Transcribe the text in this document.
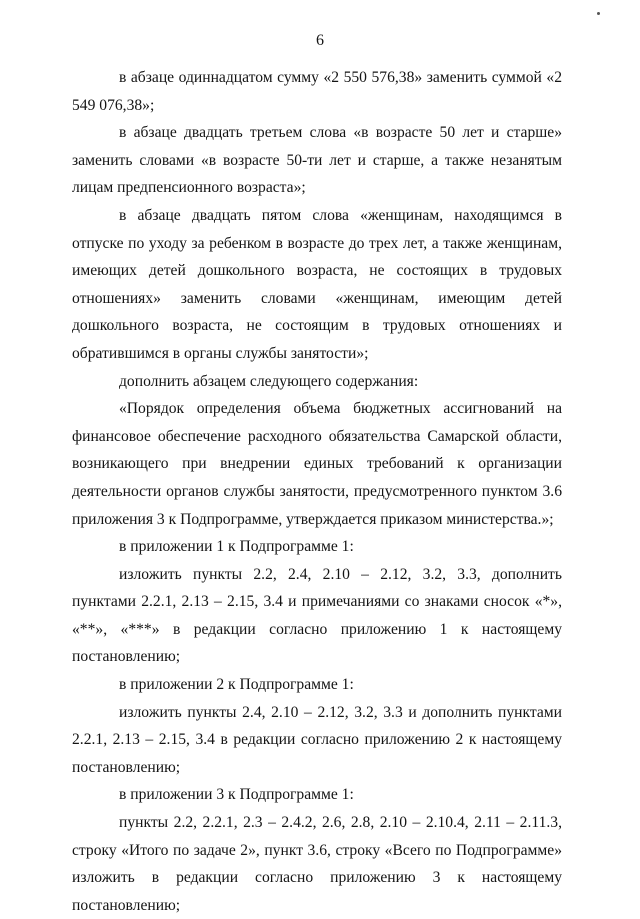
6

в абзаце одиннадцатом сумму «2 550 576,38» заменить суммой «2 549 076,38»;

в абзаце двадцать третьем слова «в возрасте 50 лет и старше» заменить словами «в возрасте 50-ти лет и старше, а также незанятым лицам предпенсионного возраста»;

в абзаце двадцать пятом слова «женщинам, находящимся в отпуске по уходу за ребенком в возрасте до трех лет, а также женщинам, имеющих детей дошкольного возраста, не состоящих в трудовых отношениях» заменить словами «женщинам, имеющим детей дошкольного возраста, не состоящим в трудовых отношениях и обратившимся в органы службы занятости»;

дополнить абзацем следующего содержания:

«Порядок определения объема бюджетных ассигнований на финансовое обеспечение расходного обязательства Самарской области, возникающего при внедрении единых требований к организации деятельности органов службы занятости, предусмотренного пунктом 3.6 приложения 3 к Подпрограмме, утверждается приказом министерства.»;

в приложении 1 к Подпрограмме 1:

изложить пункты 2.2, 2.4, 2.10 – 2.12, 3.2, 3.3, дополнить пунктами 2.2.1, 2.13 – 2.15, 3.4 и примечаниями со знаками сносок «*», «**», «***» в редакции согласно приложению 1 к настоящему постановлению;

в приложении 2 к Подпрограмме 1:

изложить пункты 2.4, 2.10 – 2.12, 3.2, 3.3 и дополнить пунктами 2.2.1, 2.13 – 2.15, 3.4 в редакции согласно приложению 2 к настоящему постановлению;

в приложении 3 к Подпрограмме 1:

пункты 2.2, 2.2.1, 2.3 – 2.4.2, 2.6, 2.8, 2.10 – 2.10.4, 2.11 – 2.11.3, строку «Итого по задаче 2», пункт 3.6, строку «Всего по Подпрограмме» изложить в редакции согласно приложению 3 к настоящему постановлению;
